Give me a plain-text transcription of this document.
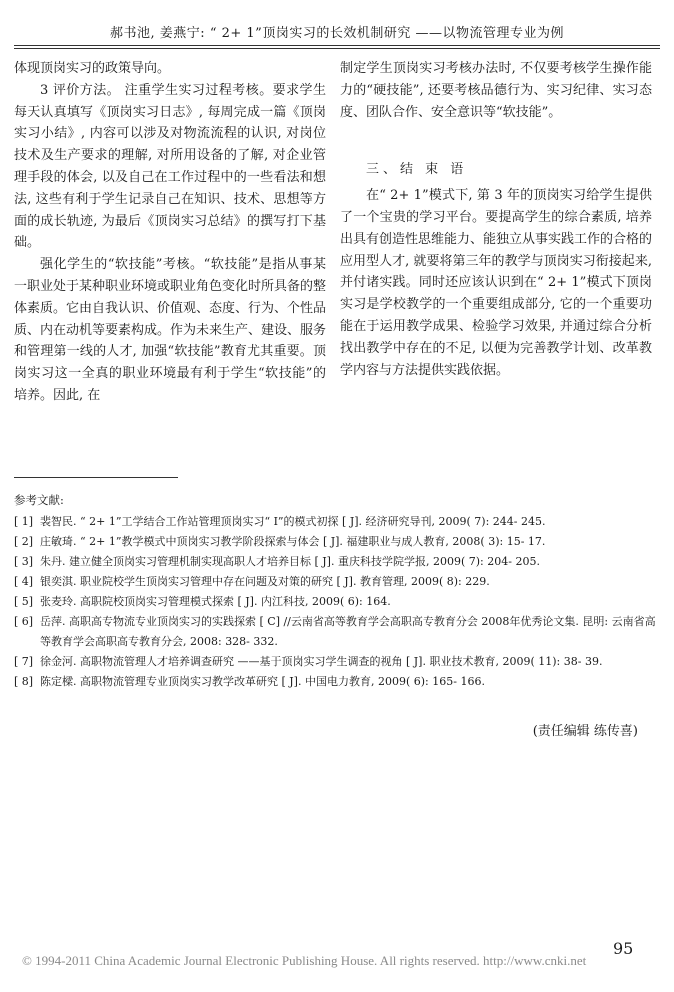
郝书池, 姜燕宁: “ 2+ 1”顶岗实习的长效机制研究 ——以物流管理专业为例

体现顶岗实习的政策导向。

3 评价方法。 注重学生实习过程考核。要求学生每天认真填写《顶岗实习日志》, 每周完成一篇《顶岗实习小结》, 内容可以涉及对物流流程的认识, 对岗位技术及生产要求的理解, 对所用设备的了解, 对企业管理手段的体会, 以及自己在工作过程中的一些看法和想法, 这些有利于学生记录自己在知识、技术、思想等方面的成长轨迹, 为最后《顶岗实习总结》的撰写打下基础。

强化学生的“软技能”考核。“软技能”是指从事某一职业处于某种职业环境或职业角色变化时所具备的整体素质。它由自我认识、价值观、态度、行为、个性品质、内在动机等要素构成。作为未来生产、建设、服务和管理第一线的人才, 加强“软技能”教育尤其重要。顶岗实习这一全真的职业环境最有利于学生“软技能”的培养。因此, 在

制定学生顶岗实习考核办法时, 不仅要考核学生操作能力的“硬技能”, 还要考核品德行为、实习纪律、实习态度、团队合作、安全意识等“软技能”。

三、结 束 语

在“ 2+ 1”模式下, 第 3 年的顶岗实习给学生提供了一个宝贵的学习平台。要提高学生的综合素质, 培养出具有创造性思维能力、能独立从事实践工作的合格的应用型人才, 就要将第三年的教学与顶岗实习衔接起来, 并付诸实践。同时还应该认识到在“ 2+ 1”模式下顶岗实习是学校教学的一个重要组成部分, 它的一个重要功能在于运用教学成果、检验学习效果, 并通过综合分析找出教学中存在的不足, 以便为完善教学计划、改革教学内容与方法提供实践依据。

参考文献:

[ 1] 裴智民. “ 2+ 1”工学结合工作站管理顶岗实习“ I”的模式初探 [ J]. 经济研究导刊, 2009( 7): 244- 245.
[ 2] 庄敏琦. “ 2+ 1”教学模式中顶岗实习教学阶段探索与体会 [ J]. 福建职业与成人教育, 2008( 3): 15- 17.
[ 3] 朱丹. 建立健全顶岗实习管理机制实现高职人才培养目标 [ J]. 重庆科技学院学报, 2009( 7): 204- 205.
[ 4] 银奕淇. 职业院校学生顶岗实习管理中存在问题及对策的研究 [ J]. 教育管理, 2009( 8): 229.
[ 5] 张麦玲. 高职院校顶岗实习管理模式探索 [ J]. 内江科技, 2009( 6): 164.
[ 6] 岳萍. 高职高专物流专业顶岗实习的实践探索 [ C] //云南省高等教育学会高职高专教育分会 2008年优秀论文集. 昆明: 云南省高等教育学会高职高专教育分会, 2008: 328- 332.
[ 7] 徐金河. 高职物流管理人才培养调查研究 ——基于顶岗实习学生调查的视角 [ J]. 职业技术教育, 2009( 11): 38- 39.
[ 8] 陈定樑. 高职物流管理专业顶岗实习教学改革研究 [ J]. 中国电力教育, 2009( 6): 165- 166.
(责任编辑 练传喜)
95
© 1994-2011 China Academic Journal Electronic Publishing House. All rights reserved. http://www.cnki.net
